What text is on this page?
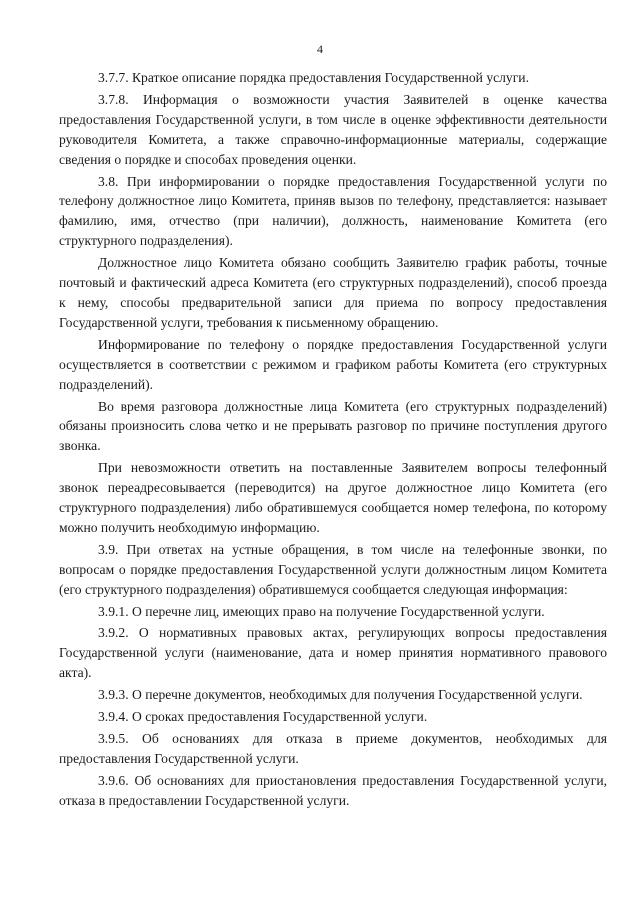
4

3.7.7. Краткое описание порядка предоставления Государственной услуги.

3.7.8. Информация о возможности участия Заявителей в оценке качества предоставления Государственной услуги, в том числе в оценке эффективности деятельности руководителя Комитета, а также справочно-информационные материалы, содержащие сведения о порядке и способах проведения оценки.

3.8. При информировании о порядке предоставления Государственной услуги по телефону должностное лицо Комитета, приняв вызов по телефону, представляется: называет фамилию, имя, отчество (при наличии), должность, наименование Комитета (его структурного подразделения).

Должностное лицо Комитета обязано сообщить Заявителю график работы, точные почтовый и фактический адреса Комитета (его структурных подразделений), способ проезда к нему, способы предварительной записи для приема по вопросу предоставления Государственной услуги, требования к письменному обращению.

Информирование по телефону о порядке предоставления Государственной услуги осуществляется в соответствии с режимом и графиком работы Комитета (его структурных подразделений).

Во время разговора должностные лица Комитета (его структурных подразделений) обязаны произносить слова четко и не прерывать разговор по причине поступления другого звонка.

При невозможности ответить на поставленные Заявителем вопросы телефонный звонок переадресовывается (переводится) на другое должностное лицо Комитета (его структурного подразделения) либо обратившемуся сообщается номер телефона, по которому можно получить необходимую информацию.

3.9. При ответах на устные обращения, в том числе на телефонные звонки, по вопросам о порядке предоставления Государственной услуги должностным лицом Комитета (его структурного подразделения) обратившемуся сообщается следующая информация:

3.9.1. О перечне лиц, имеющих право на получение Государственной услуги.

3.9.2. О нормативных правовых актах, регулирующих вопросы предоставления Государственной услуги (наименование, дата и номер принятия нормативного правового акта).

3.9.3. О перечне документов, необходимых для получения Государственной услуги.

3.9.4. О сроках предоставления Государственной услуги.

3.9.5. Об основаниях для отказа в приеме документов, необходимых для предоставления Государственной услуги.

3.9.6. Об основаниях для приостановления предоставления Государственной услуги, отказа в предоставлении Государственной услуги.
